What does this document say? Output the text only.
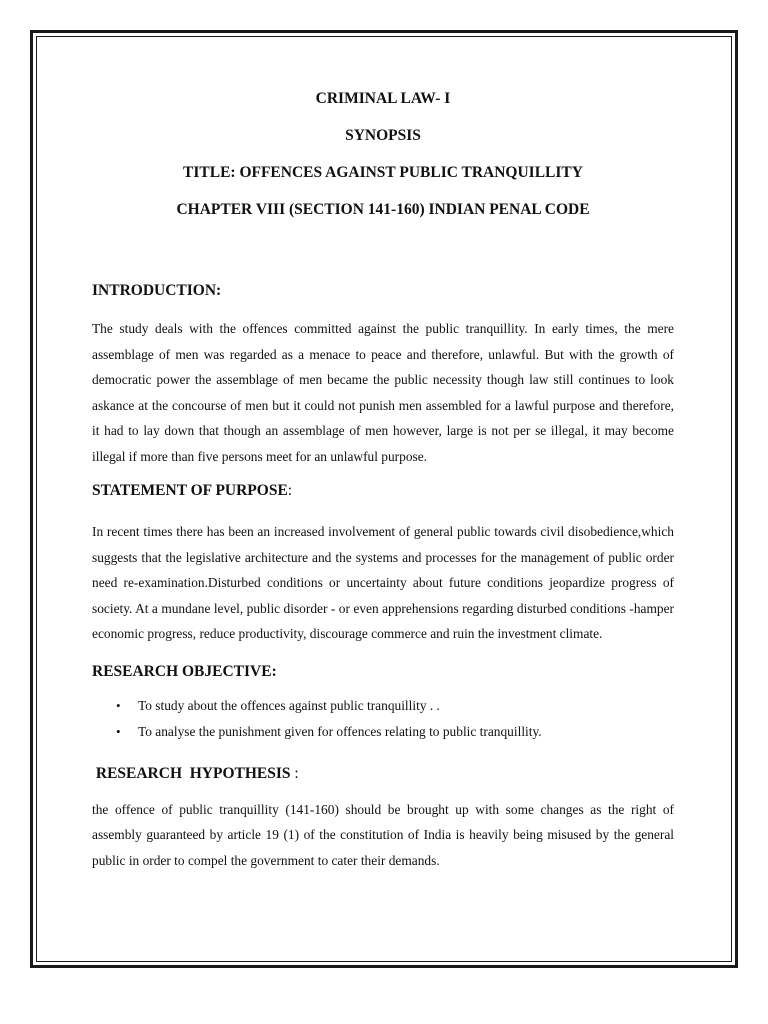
CRIMINAL LAW- I

SYNOPSIS

TITLE: OFFENCES AGAINST PUBLIC TRANQUILLITY

CHAPTER VIII (SECTION 141-160) INDIAN PENAL CODE

INTRODUCTION:

The study deals with the offences committed against the public tranquillity. In early times, the mere assemblage of men was regarded as a menace to peace and therefore, unlawful. But with the growth of democratic power the assemblage of men became the public necessity though law still continues to look askance at the concourse of men but it could not punish men assembled for a lawful purpose and therefore, it had to lay down that though an assemblage of men however, large is not per se illegal, it may become illegal if more than five persons meet for an unlawful purpose.

STATEMENT OF PURPOSE:

In recent times there has been an increased involvement of general public towards civil disobedience,which suggests that the legislative architecture and the systems and processes for the management of public order need re-examination.Disturbed conditions or uncertainty about future conditions jeopardize progress of society. At a mundane level, public disorder - or even apprehensions regarding disturbed conditions -hamper economic progress, reduce productivity, discourage commerce and ruin the investment climate.

RESEARCH OBJECTIVE:

• To study about the offences against public tranquillity . .
• To analyse the punishment given for offences relating to public tranquillity.

RESEARCH  HYPOTHESIS :

the offence of public tranquillity (141-160) should be brought up with some changes as the right of assembly guaranteed by article 19 (1) of the constitution of India is heavily being misused by the general public in order to compel the government to cater their demands.
